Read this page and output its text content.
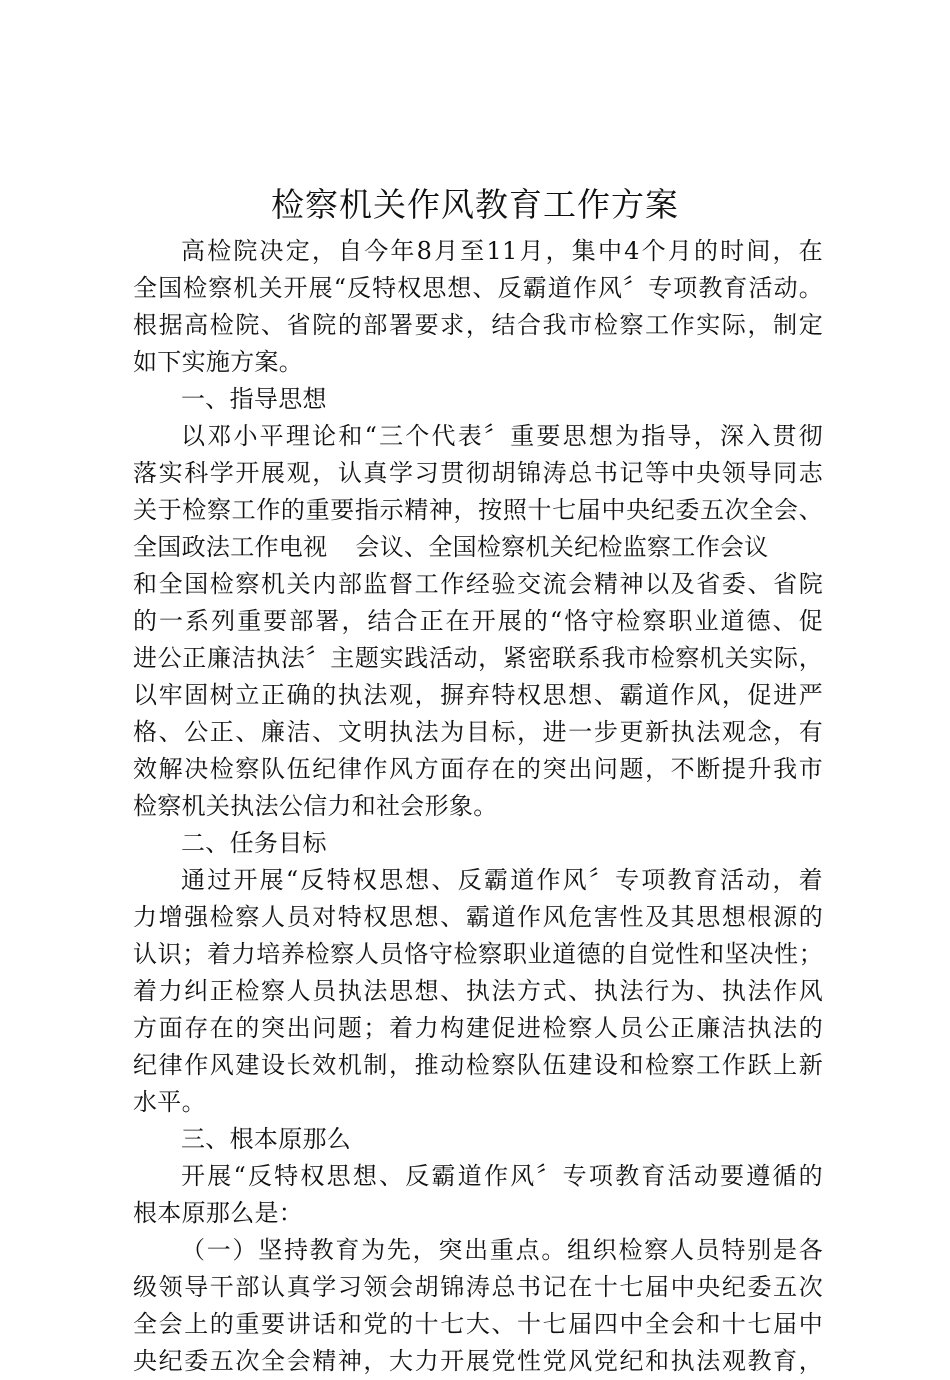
检察机关作风教育工作方案
高检院决定，自今年8月至11月，集中4个月的时间，在
全国检察机关开展“反特权思想、反霸道作风〞专项教育活动。
根据高检院、省院的部署要求，结合我市检察工作实际，制定
如下实施方案。
一、指导思想
以邓小平理论和“三个代表〞重要思想为指导，深入贯彻
落实科学开展观，认真学习贯彻胡锦涛总书记等中央领导同志
关于检察工作的重要指示精神，按照十七届中央纪委五次全会、
全国政法工作电视 会议、全国检察机关纪检监察工作会议
和全国检察机关内部监督工作经验交流会精神以及省委、省院
的一系列重要部署，结合正在开展的“恪守检察职业道德、促
进公正廉洁执法〞主题实践活动，紧密联系我市检察机关实际，
以牢固树立正确的执法观，摒弃特权思想、霸道作风，促进严
格、公正、廉洁、文明执法为目标，进一步更新执法观念，有
效解决检察队伍纪律作风方面存在的突出问题，不断提升我市
检察机关执法公信力和社会形象。
二、任务目标
通过开展“反特权思想、反霸道作风〞专项教育活动，着
力增强检察人员对特权思想、霸道作风危害性及其思想根源的
认识；着力培养检察人员恪守检察职业道德的自觉性和坚决性；
着力纠正检察人员执法思想、执法方式、执法行为、执法作风
方面存在的突出问题；着力构建促进检察人员公正廉洁执法的
纪律作风建设长效机制，推动检察队伍建设和检察工作跃上新
水平。
三、根本原那么
开展“反特权思想、反霸道作风〞专项教育活动要遵循的
根本原那么是：
（一）坚持教育为先，突出重点。组织检察人员特别是各
级领导干部认真学习领会胡锦涛总书记在十七届中央纪委五次
全会上的重要讲话和党的十七大、十七届四中全会和十七届中
央纪委五次全会精神，大力开展党性党风党纪和执法观教育，
